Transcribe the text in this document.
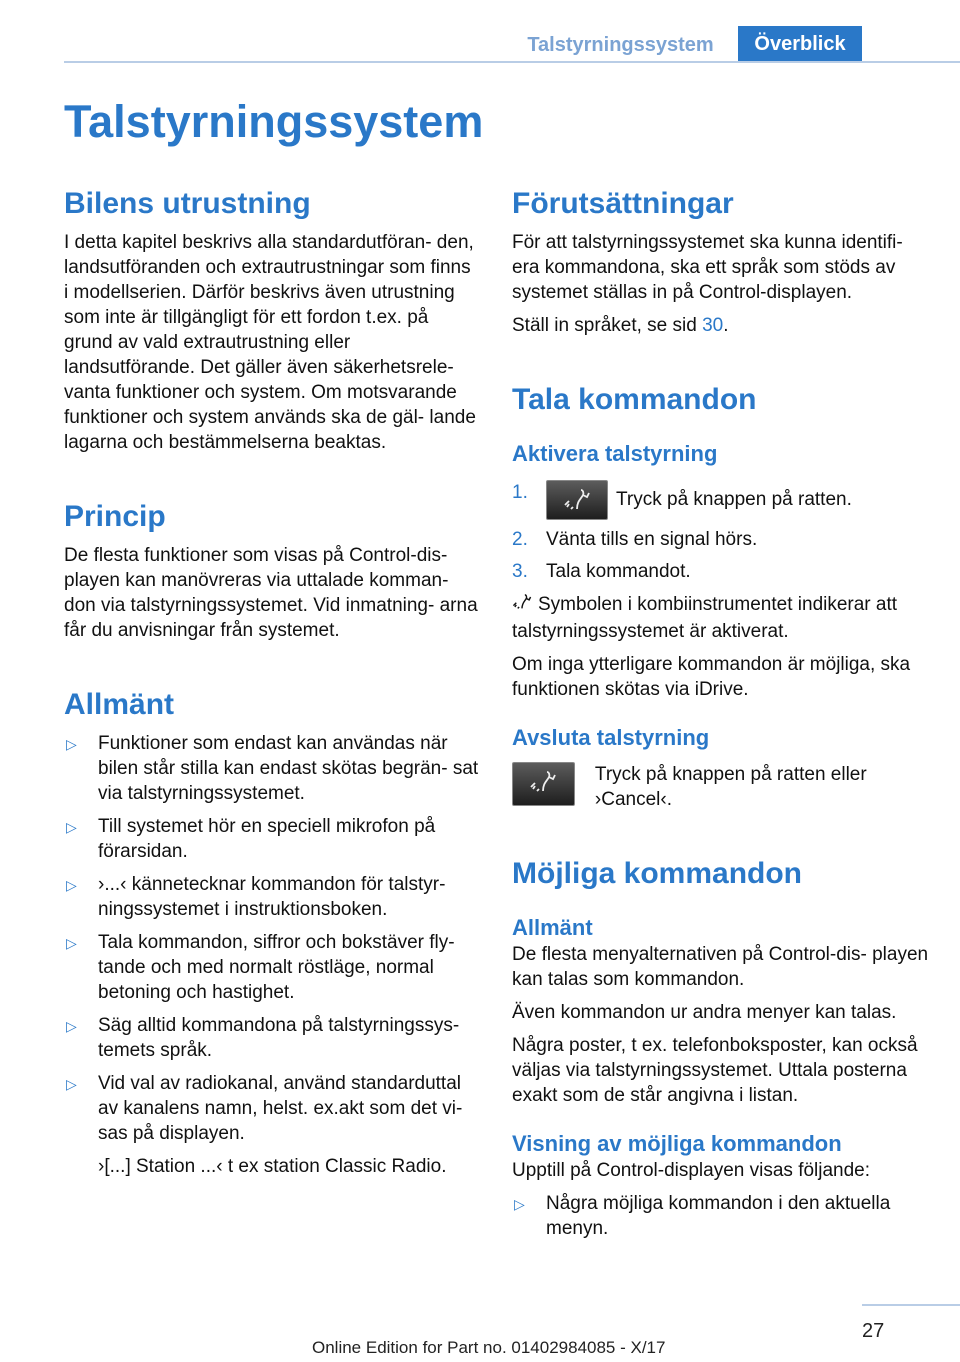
Talstyrningssystem	Överblick
Talstyrningssystem
Bilens utrustning

I detta kapitel beskrivs alla standardutföran- den, landsutföranden och extrautrustningar som finns i modellserien. Därför beskrivs även utrustning som inte är tillgängligt för ett fordon t.ex. på grund av vald extrautrustning eller landsutförande. Det gäller även säkerhetsrele- vanta funktioner och system. Om motsvarande funktioner och system används ska de gäl- lande lagarna och bestämmelserna beaktas.

Princip

De flesta funktioner som visas på Control-dis- playen kan manövreras via uttalade komman- don via talstyrningssystemet. Vid inmatning- arna får du anvisningar från systemet.

Allmänt
▷ Funktioner som endast kan användas när bilen står stilla kan endast skötas begrän- sat via talstyrningssystemet.
▷ Till systemet hör en speciell mikrofon på förarsidan.
▷ ›...‹ kännetecknar kommandon för talstyr- ningssystemet i instruktionsboken.
▷ Tala kommandon, siffror och bokstäver fly- tande och med normalt röstläge, normal betoning och hastighet.
▷ Säg alltid kommandona på talstyrningssys- temets språk.
▷ Vid val av radiokanal, använd standarduttal av kanalens namn, helst. ex.akt som det vi- sas på displayen.
›[...] Station ...‹ t ex station Classic Radio.
Förutsättningar

För att talstyrningssystemet ska kunna identifi- era kommandona, ska ett språk som stöds av systemet ställas in på Control-displayen.

Ställ in språket, se sid 30.

Tala kommandon
Aktivera talstyrning
1.	Tryck på knappen på ratten.
2. Vänta tills en signal hörs.
3. Tala kommandot.

Symbolen i kombiinstrumentet indikerar att talstyrningssystemet är aktiverat.

Om inga ytterligare kommandon är möjliga, ska funktionen skötas via iDrive.

Avsluta talstyrning

Tryck på knappen på ratten eller ›Cancel‹.

Möjliga kommandon
Allmänt

De flesta menyalternativen på Control-dis- playen kan talas som kommandon.

Även kommandon ur andra menyer kan talas.

Några poster, t ex. telefonboksposter, kan också väljas via talstyrningssystemet. Uttala posterna exakt som de står angivna i listan.

Visning av möjliga kommandon

Upptill på Control-displayen visas följande:

▷ Några möjliga kommandon i den aktuella menyn.
27
Online Edition for Part no. 01402984085 - X/17
